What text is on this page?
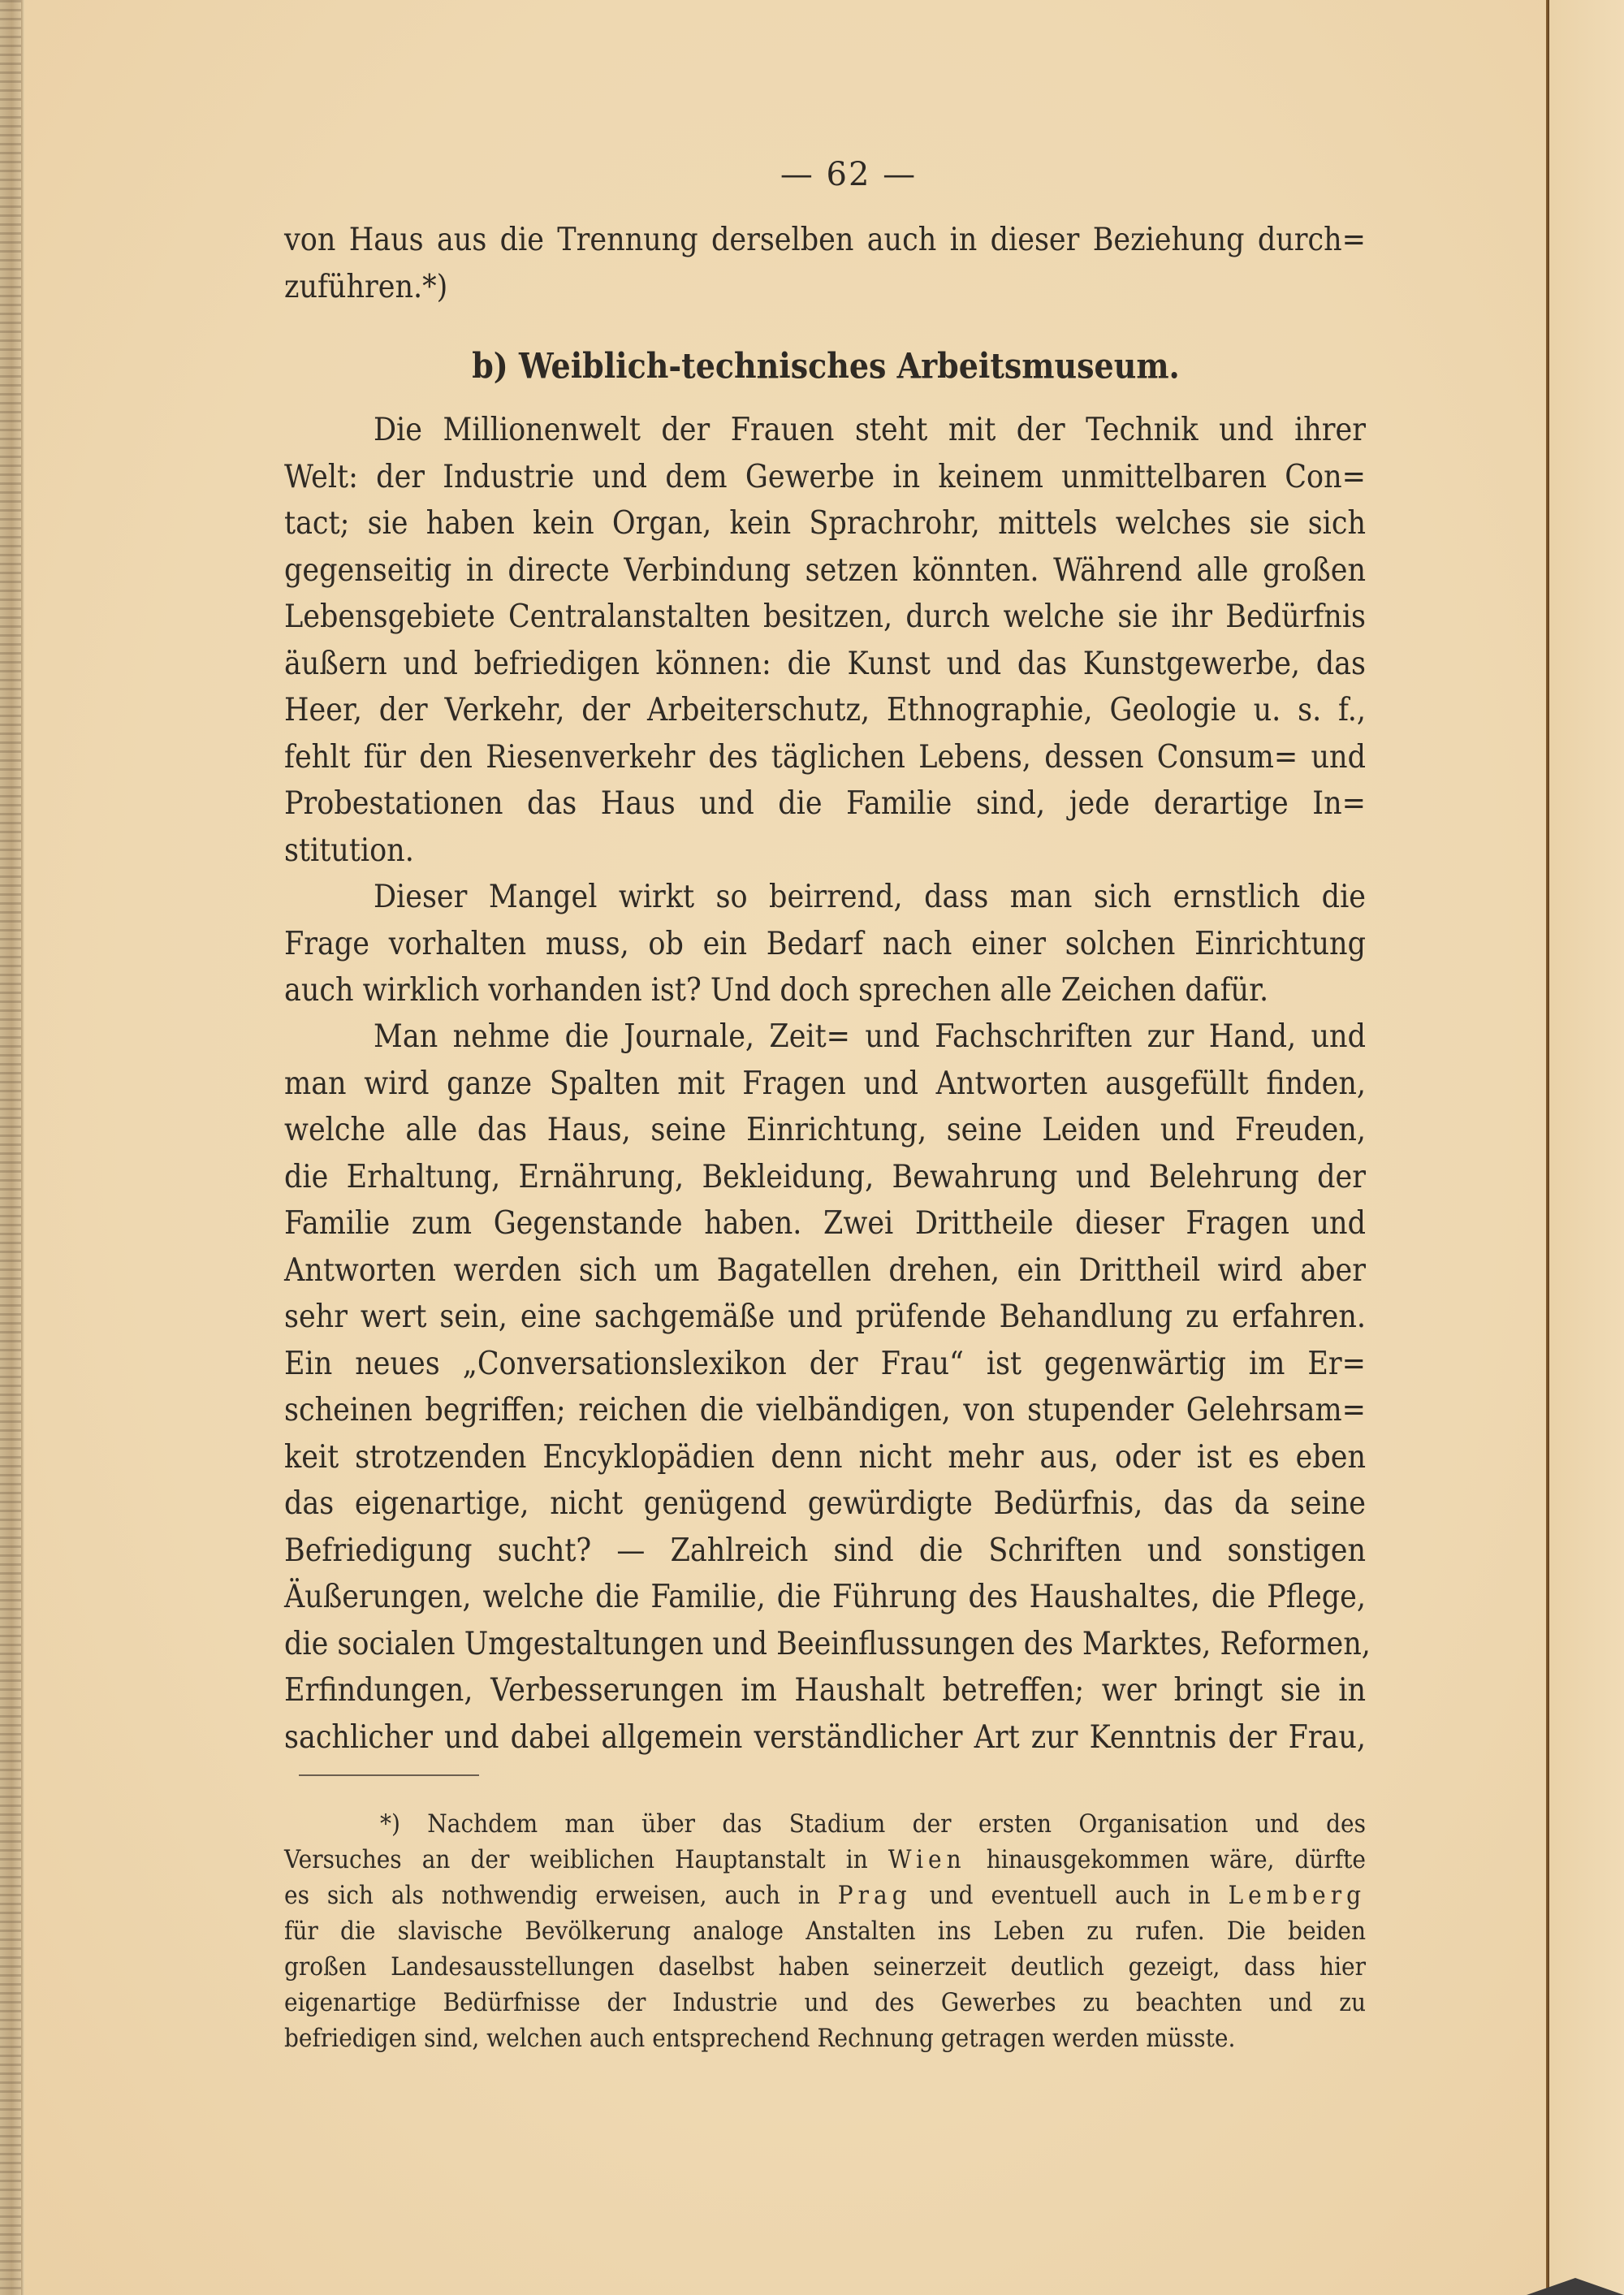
— 62 —
von Haus aus die Trennung derselben auch in dieser Beziehung durch=
zuführen.*)
b) Weiblich-technisches Arbeitsmuseum.
Die Millionenwelt der Frauen steht mit der Technik und ihrer
Welt: der Industrie und dem Gewerbe in keinem unmittelbaren Con=
tact; sie haben kein Organ, kein Sprachrohr, mittels welches sie sich
gegenseitig in directe Verbindung setzen könnten. Während alle großen
Lebensgebiete Centralanstalten besitzen, durch welche sie ihr Bedürfnis
äußern und befriedigen können: die Kunst und das Kunstgewerbe, das
Heer, der Verkehr, der Arbeiterschutz, Ethnographie, Geologie u. s. f.,
fehlt für den Riesenverkehr des täglichen Lebens, dessen Consum= und
Probestationen das Haus und die Familie sind, jede derartige In=
stitution.
Dieser Mangel wirkt so beirrend, dass man sich ernstlich die
Frage vorhalten muss, ob ein Bedarf nach einer solchen Einrichtung
auch wirklich vorhanden ist? Und doch sprechen alle Zeichen dafür.
Man nehme die Journale, Zeit= und Fachschriften zur Hand, und
man wird ganze Spalten mit Fragen und Antworten ausgefüllt finden,
welche alle das Haus, seine Einrichtung, seine Leiden und Freuden,
die Erhaltung, Ernährung, Bekleidung, Bewahrung und Belehrung der
Familie zum Gegenstande haben. Zwei Drittheile dieser Fragen und
Antworten werden sich um Bagatellen drehen, ein Drittheil wird aber
sehr wert sein, eine sachgemäße und prüfende Behandlung zu erfahren.
Ein neues „Conversationslexikon der Frau“ ist gegenwärtig im Er=
scheinen begriffen; reichen die vielbändigen, von stupender Gelehrsam=
keit strotzenden Encyklopädien denn nicht mehr aus, oder ist es eben
das eigenartige, nicht genügend gewürdigte Bedürfnis, das da seine
Befriedigung sucht? — Zahlreich sind die Schriften und sonstigen
Äußerungen, welche die Familie, die Führung des Haushaltes, die Pflege,
die socialen Umgestaltungen und Beeinflussungen des Marktes, Reformen,
Erfindungen, Verbesserungen im Haushalt betreffen; wer bringt sie in
sachlicher und dabei allgemein verständlicher Art zur Kenntnis der Frau,
*) Nachdem man über das Stadium der ersten Organisation und des
Versuches an der weiblichen Hauptanstalt in Wien hinausgekommen wäre, dürfte
es sich als nothwendig erweisen, auch in Prag und eventuell auch in Lemberg
für die slavische Bevölkerung analoge Anstalten ins Leben zu rufen. Die beiden
großen Landesausstellungen daselbst haben seinerzeit deutlich gezeigt, dass hier
eigenartige Bedürfnisse der Industrie und des Gewerbes zu beachten und zu
befriedigen sind, welchen auch entsprechend Rechnung getragen werden müsste.
